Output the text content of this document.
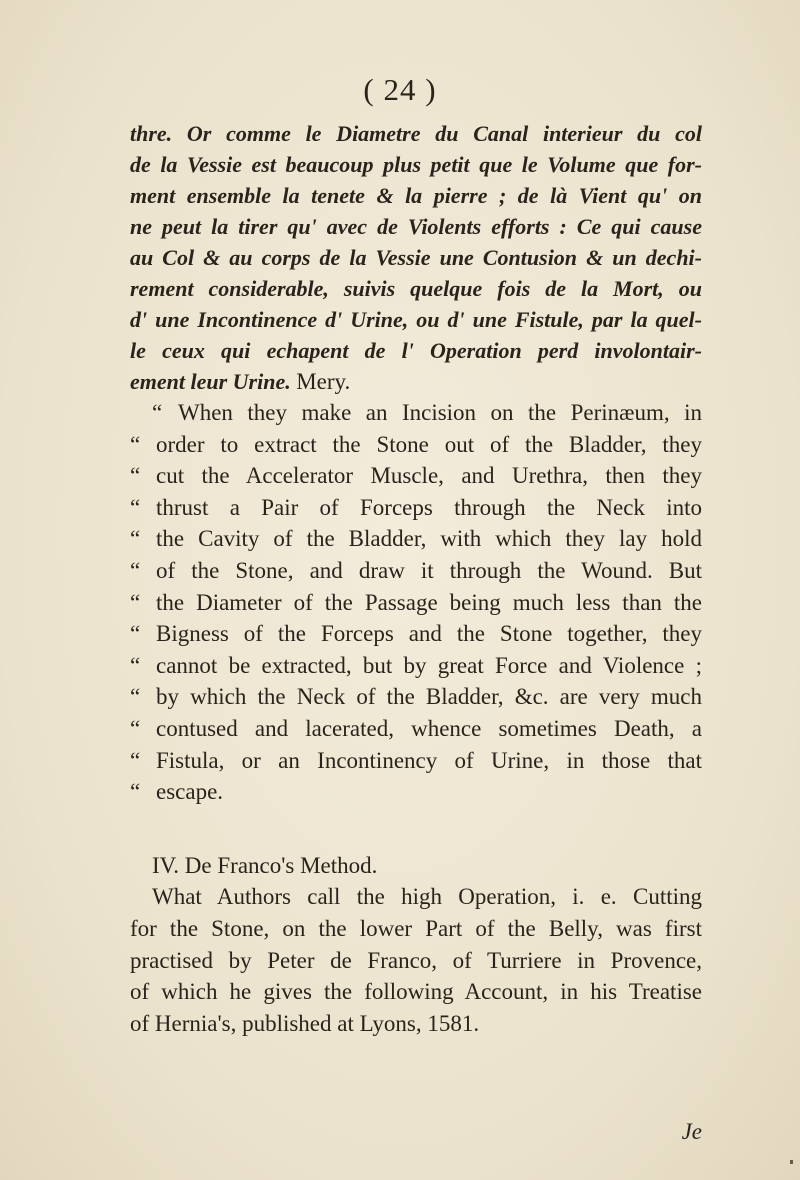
( 24 )
thre. Or comme le Diametre du Canal interieur du col
de la Vessie est beaucoup plus petit que le Volume que for-
ment ensemble la tenete & la pierre ; de là Vient qu' on
ne peut la tirer qu' avec de Violents efforts : Ce qui cause
au Col & au corps de la Vessie une Contusion & un dechi-
rement considerable, suivis quelque fois de la Mort, ou
d' une Incontinence d' Urine, ou d' une Fistule, par la quel-
le ceux qui echapent de l' Operation perd involontair-
ement leur Urine. Mery.
“ When they make an Incision on the Perinæum, in
“ order to extract the Stone out of the Bladder, they
“ cut the Accelerator Muscle, and Urethra, then they
“ thrust a Pair of Forceps through the Neck into
“ the Cavity of the Bladder, with which they lay hold
“ of the Stone, and draw it through the Wound. But
“ the Diameter of the Passage being much less than the
“ Bigness of the Forceps and the Stone together, they
“ cannot be extracted, but by great Force and Violence ;
“ by which the Neck of the Bladder, &c. are very much
“ contused and lacerated, whence sometimes Death, a
“ Fistula, or an Incontinency of Urine, in those that
“ escape.
IV. De Franco's Method.
What Authors call the high Operation, i. e. Cutting
for the Stone, on the lower Part of the Belly, was first
practised by Peter de Franco, of Turriere in Provence,
of which he gives the following Account, in his Treatise
of Hernia's, published at Lyons, 1581.
Je
